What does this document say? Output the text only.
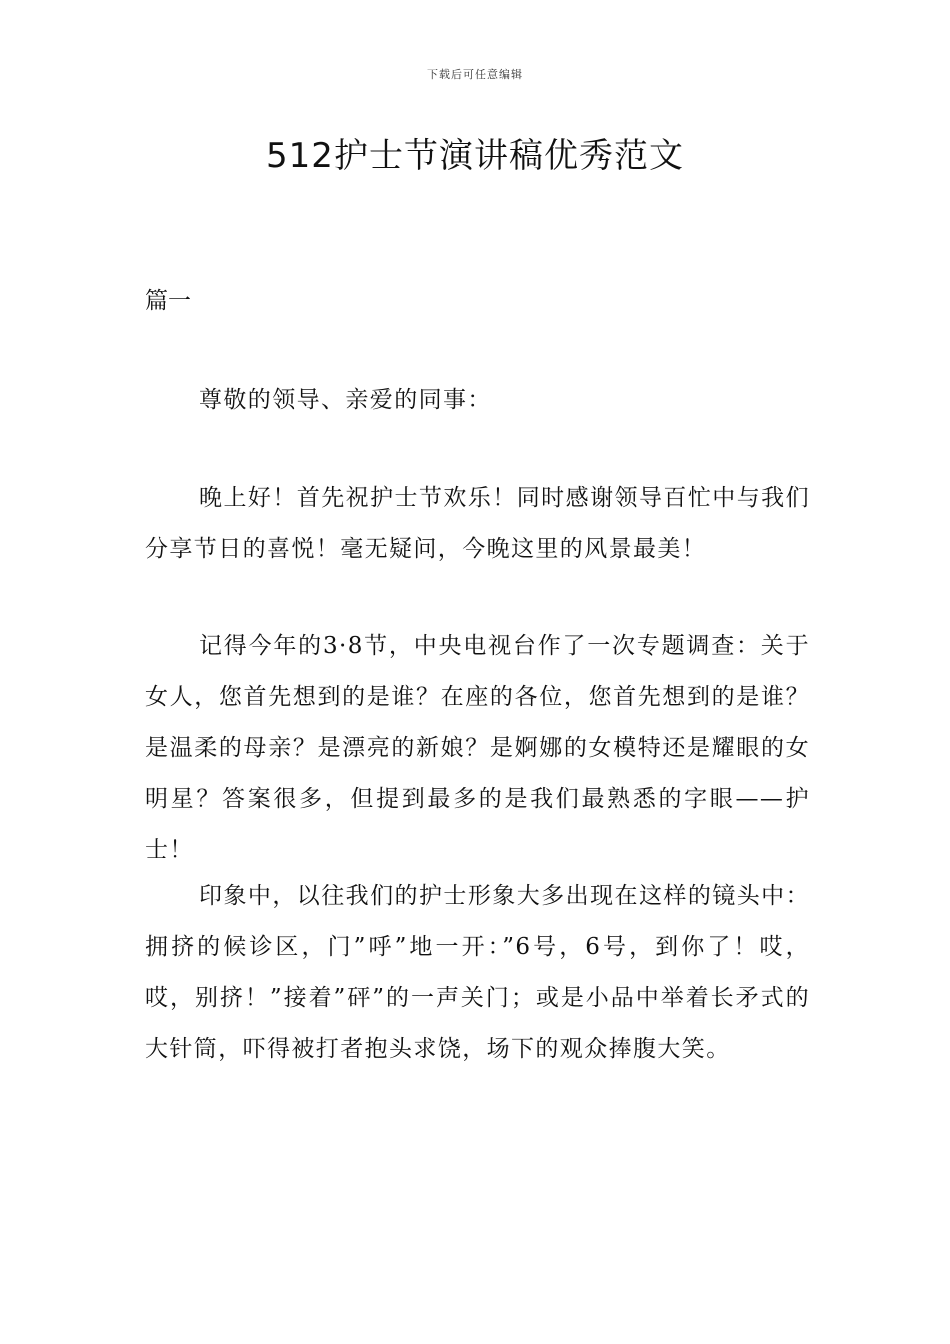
下载后可任意编辑
512护士节演讲稿优秀范文
篇一

尊敬的领导、亲爱的同事：

晚上好！首先祝护士节欢乐！同时感谢领导百忙中与我们分享节日的喜悦！毫无疑问，今晚这里的风景最美！

记得今年的3·8节，中央电视台作了一次专题调查：关于女人，您首先想到的是谁？在座的各位，您首先想到的是谁？是温柔的母亲？是漂亮的新娘？是婀娜的女模特还是耀眼的女明星？答案很多，但提到最多的是我们最熟悉的字眼——护士！

印象中，以往我们的护士形象大多出现在这样的镜头中：拥挤的候诊区，门”呼”地一开：”6号，6号，到你了！哎，哎，别挤！”接着”砰”的一声关门；或是小品中举着长矛式的大针筒，吓得被打者抱头求饶，场下的观众捧腹大笑。
